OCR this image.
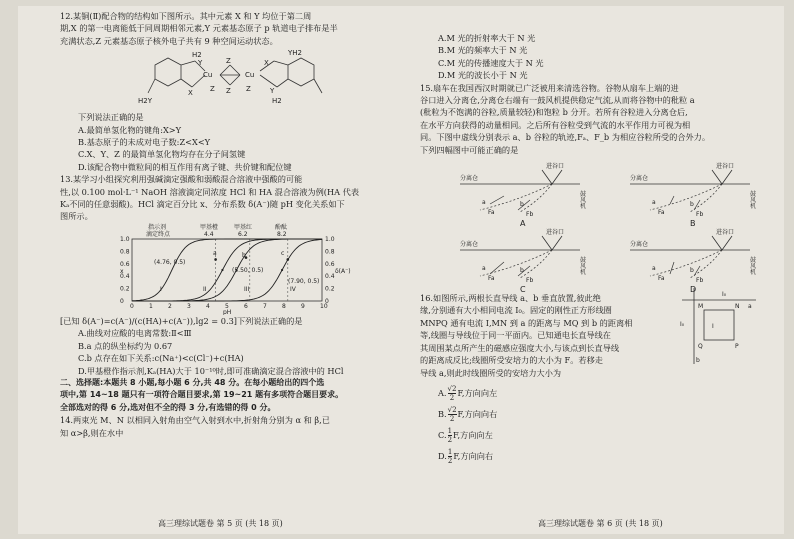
12.某铜(Ⅱ)配合物的结构如下图所示。其中元素 X 和 Y 均位于第二周
期,X 的第一电离能低于同周期相邻元素,Y 元素基态原子 p 轨道电子排布是半
充满状态,Z 元素基态原子核外电子共有 9 种空间运动状态。
H2
Y
Cu
Z
Z
Cu
X
YH2
H2Y
X Z	Z	Y
H2
下列说法正确的是
A.最简单氢化物的键角:X>Y
B.基态原子的未成对电子数:Z<X<Y
C.X、Y、Z 的最简单氢化物均存在分子间氢键
D.该配合物中微粒间的相互作用有离子键、共价键和配位键
13.某学习小组探究利用强碱滴定强酸和弱酸混合溶液中强酸的可能
性,以 0.100 mol·L⁻¹ NaOH 溶液滴定同浓度 HCl 和 HA 混合溶液为例(HA 代表
Kₐ不同的任意弱酸)。HCl 滴定百分比 x、分布系数 δ(A⁻)随 pH 变化关系如下
图所示。
指示剂
滴定终点
甲基橙
4.4
甲基红
6.2
酚酞
8.2
0	1	2	3	4	5	6	7	8	9	10
1.0	1.0
0.8	0.8
0.6	0.6
0.4	0.4
0.2	0.2
0	0
x	δ(A⁻)
pH
(4.76, 0.5)
(5.50, 0.5)
(7.90, 0.5)
a	b	c
I	II	III	IV
[已知 δ(A⁻)=c(A⁻)/(c(HA)+c(A⁻)),lg2 = 0.3]下列说法正确的是
A.曲线对应酸的电离常数:Ⅱ<Ⅲ
B.a 点的纵坐标约为 0.67
C.b 点存在如下关系:c(Na⁺)<c(Cl⁻)+c(HA)
D.甲基橙作指示剂,Kₐ(HA)大于 10⁻¹⁰时,即可准确滴定混合溶液中的 HCl
二、选择题:本题共 8 小题,每小题 6 分,共 48 分。在每小题给出的四个选
项中,第 14~18 题只有一项符合题目要求,第 19~21 题有多项符合题目要求。
全部选对的得 6 分,选对但不全的得 3 分,有选错的得 0 分。
14.两束光 M、N 以相同入射角由空气入射到水中,折射角分别为 α 和 β,已
知 α>β,则在水中
高三理综试题卷 第 5 页 (共 18 页)
A.M 光的折射率大于 N 光
B.M 光的频率大于 N 光
C.M 光的传播速度大于 N 光
D.M 光的波长小于 N 光
15.扇车在我国西汉时期就已广泛被用来清选谷物。谷物从扇车上端的进
谷口进入分离仓,分离仓右端有一鼓风机提供稳定气流,从而将谷物中的秕粒 a
(秕粒为不饱满的谷粒,质量较轻)和饱粒 b 分开。若所有谷粒进入分离仓后,
在水平方向获得的动量相同。之后所有谷粒受到气流的水平作用力可视为相
同。下图中虚线分别表示 a、b 谷粒的轨迹,Fₐ、F_b 为相应谷粒所受的合外力。
下列四幅图中可能正确的是
进谷口
分离仓
鼓
风
机
a	b
Fa	Fb
A
进谷口
分离仓
鼓
风
机
a	b
Fa	Fb
B
进谷口
分离仓
鼓
风
机
a	b
Fa	Fb
C
进谷口
分离仓
鼓
风
机
a	b
Fa	Fb
D
16.如图所示,两根长直导线 a、b 垂直放置,彼此绝
缘,分别通有大小相同电流 I₀。固定的刚性正方形线圈
MNPQ 通有电流 I,MN 到 a 的距离与 MQ 到 b 的距离相
等,线圈与导线位于同一平面内。已知通电长直导线在
其周围某点所产生的磁感应强度大小,与该点到长直导线
的距离成反比;线圈所受安培力的大小为 F。若移走
导线 a,则此时线圈所受的安培力大小为
I₀
a
I₀
b
M	N
I
Q	P
A. √2
2 F,方向向左
B. √2
2 F,方向向右
C. 1
2 F,方向向左
D. 1
2 F,方向向右
高三理综试题卷 第 6 页 (共 18 页)
